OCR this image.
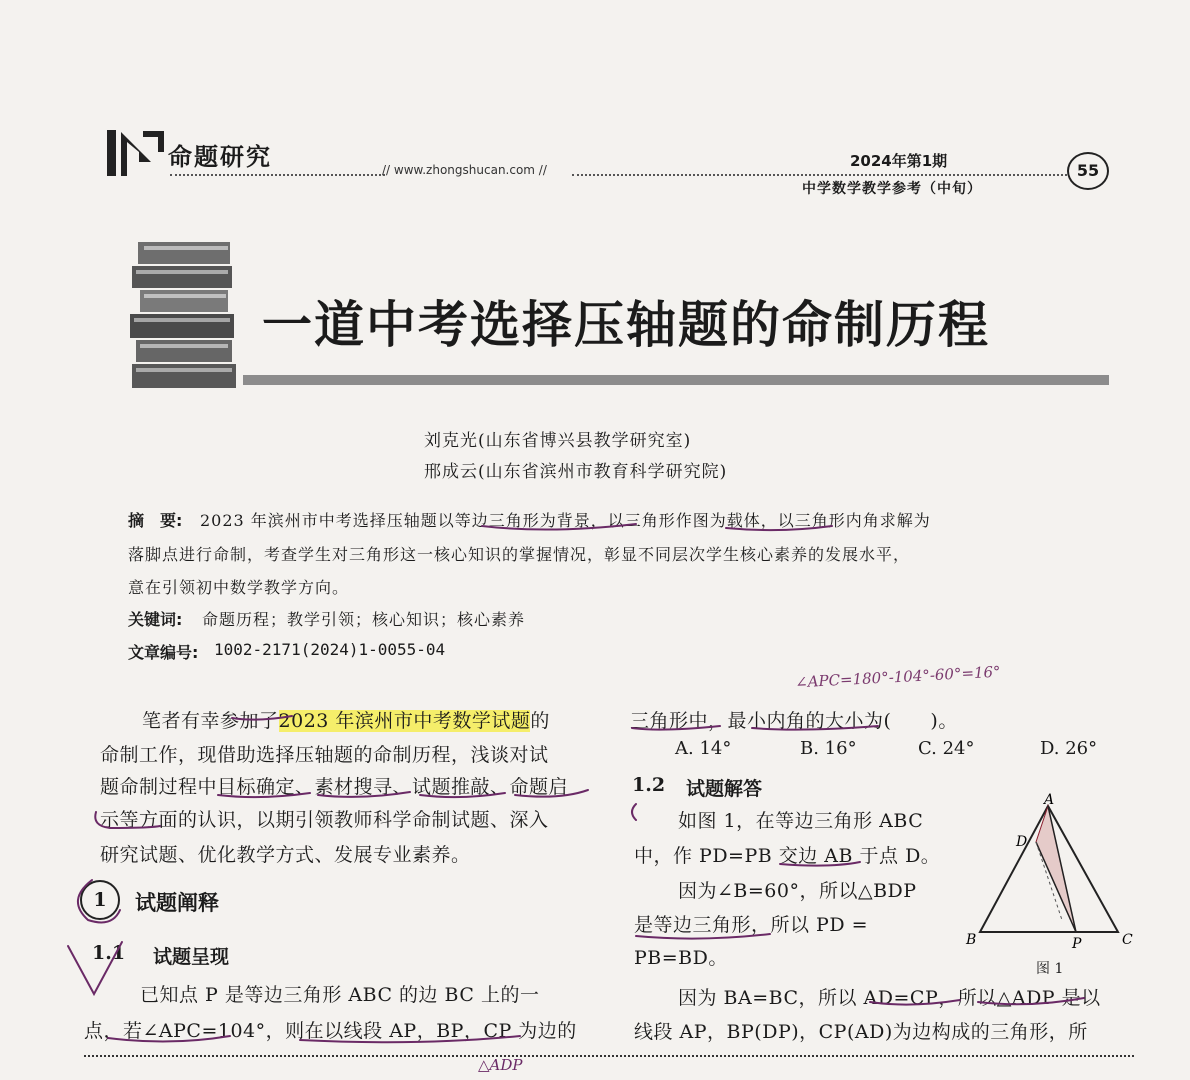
命题研究	// www.zhongshucan.com //	2024年第1期
中学数学教学参考（中旬）
55
一道中考选择压轴题的命制历程
刘克光(山东省博兴县教学研究室)
邢成云(山东省滨州市教育科学研究院)
摘　要: 2023 年滨州市中考选择压轴题以等边三角形为背景，以三角形作图为载体，以三角形内角求解为
落脚点进行命制，考查学生对三角形这一核心知识的掌握情况，彰显不同层次学生核心素养的发展水平，
意在引领初中数学教学方向。
关键词: 命题历程；教学引领；核心知识；核心素养
文章编号: 1002-2171(2024)1-0055-04
笔者有幸参加了2023 年滨州市中考数学试题的
命制工作，现借助选择压轴题的命制历程，浅谈对试
题命制过程中目标确定、素材搜寻、试题推敲、命题启
示等方面的认识，以期引领教师科学命制试题、深入
研究试题、优化教学方式、发展专业素养。
1	试题阐释
1.1 试题呈现
已知点 P 是等边三角形 ABC 的边 BC 上的一
点，若∠APC=104°，则在以线段 AP，BP，CP 为边的
三角形中，最小内角的大小为(　　)。
A. 14°	B. 16°	C. 24°	D. 26°
1.2 试题解答
如图 1，在等边三角形 ABC
中，作 PD=PB 交边 AB 于点 D。
因为∠B=60°，所以△BDP
是等边三角形，所以 PD =
PB=BD。
因为 BA=BC，所以 AD=CP，所以△ADP 是以
线段 AP，BP(DP)，CP(AD)为边构成的三角形，所
A
B	C
D
P
图 1
∠APC=180°-104°-60°=16°
△ADP
